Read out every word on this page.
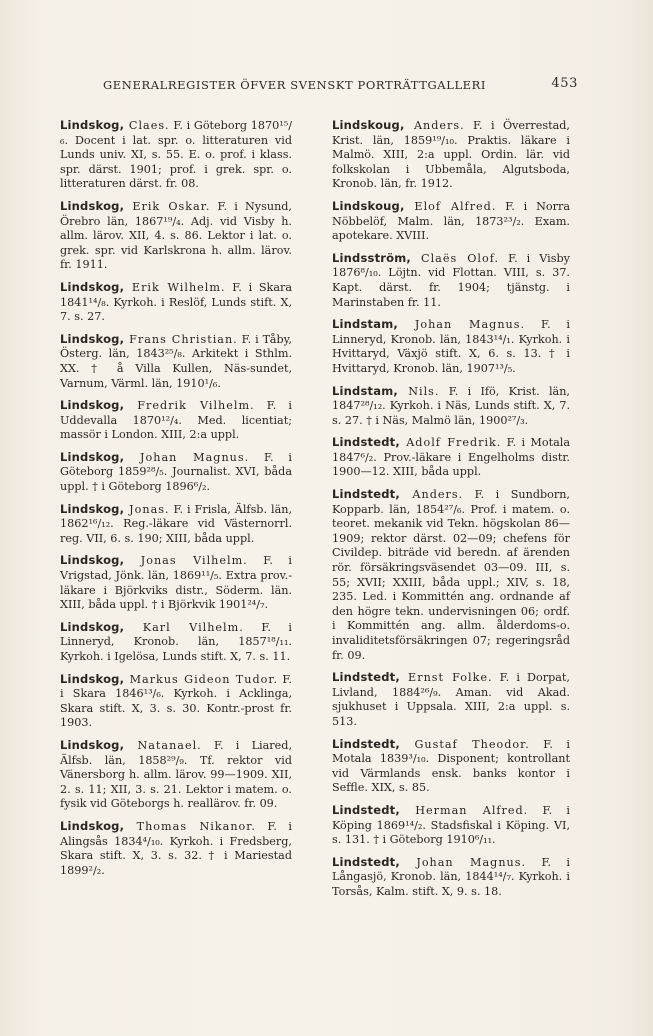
GENERALREGISTER ÖFVER SVENSKT PORTRÄTTGALLERI	453
Lindskog, Claes. F. i Göteborg 1870¹⁵/₆. Docent i lat. spr. o. litteraturen vid Lunds univ. XI, s. 55. E. o. prof. i klass. spr. därst. 1901; prof. i grek. spr. o. litteraturen därst. fr. 08.
Lindskog, Erik Oskar. F. i Nysund, Örebro län, 1867¹⁹/₄. Adj. vid Visby h. allm. lärov. XII, 4. s. 86. Lektor i lat. o. grek. spr. vid Karlskrona h. allm. lärov. fr. 1911.
Lindskog, Erik Wilhelm. F. i Skara 1841¹⁴/₈. Kyrkoh. i Reslöf, Lunds stift. X, 7. s. 27.
Lindskog, Frans Christian. F. i Tåby, Österg. län, 1843²⁵/₈. Arkitekt i Sthlm. XX. † å Villa Kullen, Näs-sundet, Varnum, Värml. län, 1910¹/₆.
Lindskog, Fredrik Vilhelm. F. i Uddevalla 1870¹²/₄. Med. licentiat; massör i London. XIII, 2:a uppl.
Lindskog, Johan Magnus. F. i Göteborg 1859²⁸/₅. Journalist. XVI, båda uppl. † i Göteborg 1896⁶/₂.
Lindskog, Jonas. F. i Frisla, Älfsb. län, 1862¹⁶/₁₂. Reg.-läkare vid Västernorrl. reg. VII, 6. s. 190; XIII, båda uppl.
Lindskog, Jonas Vilhelm. F. i Vrigstad, Jönk. län, 1869¹¹/₅. Extra prov.-läkare i Björkviks distr., Söderm. län. XIII, båda uppl. † i Björkvik 1901²⁴/₇.
Lindskog, Karl Vilhelm. F. i Linneryd, Kronob. län, 1857¹⁸/₁₁. Kyrkoh. i Igelösa, Lunds stift. X, 7. s. 11.
Lindskog, Markus Gideon Tudor. F. i Skara 1846¹³/₆. Kyrkoh. i Acklinga, Skara stift. X, 3. s. 30. Kontr.-prost fr. 1903.
Lindskog, Natanael. F. i Liared, Älfsb. län, 1858²⁹/₉. Tf. rektor vid Vänersborg h. allm. lärov. 99—1909. XII, 2. s. 11; XII, 3. s. 21. Lektor i matem. o. fysik vid Göteborgs h. reallärov. fr. 09.
Lindskog, Thomas Nikanor. F. i Alingsås 1834⁴/₁₀. Kyrkoh. i Fredsberg, Skara stift. X, 3. s. 32. † i Mariestad 1899²/₂.
Lindskoug, Anders. F. i Överrestad, Krist. län, 1859¹⁹/₁₀. Praktis. läkare i Malmö. XIII, 2:a uppl. Ordin. lär. vid folkskolan i Ubbemåla, Algutsboda, Kronob. län, fr. 1912.
Lindskoug, Elof Alfred. F. i Norra Nöbbelöf, Malm. län, 1873²³/₂. Exam. apotekare. XVIII.
Lindsström, Claës Olof. F. i Visby 1876⁸/₁₀. Löjtn. vid Flottan. VIII, s. 37. Kapt. därst. fr. 1904; tjänstg. i Marinstaben fr. 11.
Lindstam, Johan Magnus. F. i Linneryd, Kronob. län, 1843¹⁴/₁. Kyrkoh. i Hvittaryd, Växjö stift. X, 6. s. 13. † i Hvittaryd, Kronob. län, 1907¹³/₅.
Lindstam, Nils. F. i Ifö, Krist. län, 1847²⁸/₁₂. Kyrkoh. i Näs, Lunds stift. X, 7. s. 27. † i Näs, Malmö län, 1900²⁷/₃.
Lindstedt, Adolf Fredrik. F. i Motala 1847⁶/₂. Prov.-läkare i Engelholms distr. 1900—12. XIII, båda uppl.
Lindstedt, Anders. F. i Sundborn, Kopparb. län, 1854²⁷/₆. Prof. i matem. o. teoret. mekanik vid Tekn. högskolan 86—1909; rektor därst. 02—09; chefens för Civildep. biträde vid beredn. af ärenden rör. försäkringsväsendet 03—09. III, s. 55; XVII; XXIII, båda uppl.; XIV, s. 18, 235. Led. i Kommittén ang. ordnande af den högre tekn. undervisningen 06; ordf. i Kommittén ang. allm. ålderdoms-o. invaliditetsförsäkringen 07; regeringsråd fr. 09.
Lindstedt, Ernst Folke. F. i Dorpat, Livland, 1884²⁶/₉. Aman. vid Akad. sjukhuset i Uppsala. XIII, 2:a uppl. s. 513.
Lindstedt, Gustaf Theodor. F. i Motala 1839³/₁₀. Disponent; kontrollant vid Värmlands ensk. banks kontor i Seffle. XIX, s. 85.
Lindstedt, Herman Alfred. F. i Köping 1869¹⁴/₂. Stadsfiskal i Köping. VI, s. 131. † i Göteborg 1910⁶/₁₁.
Lindstedt, Johan Magnus. F. i Långasjö, Kronob. län, 1844¹⁴/₇. Kyrkoh. i Torsås, Kalm. stift. X, 9. s. 18.
